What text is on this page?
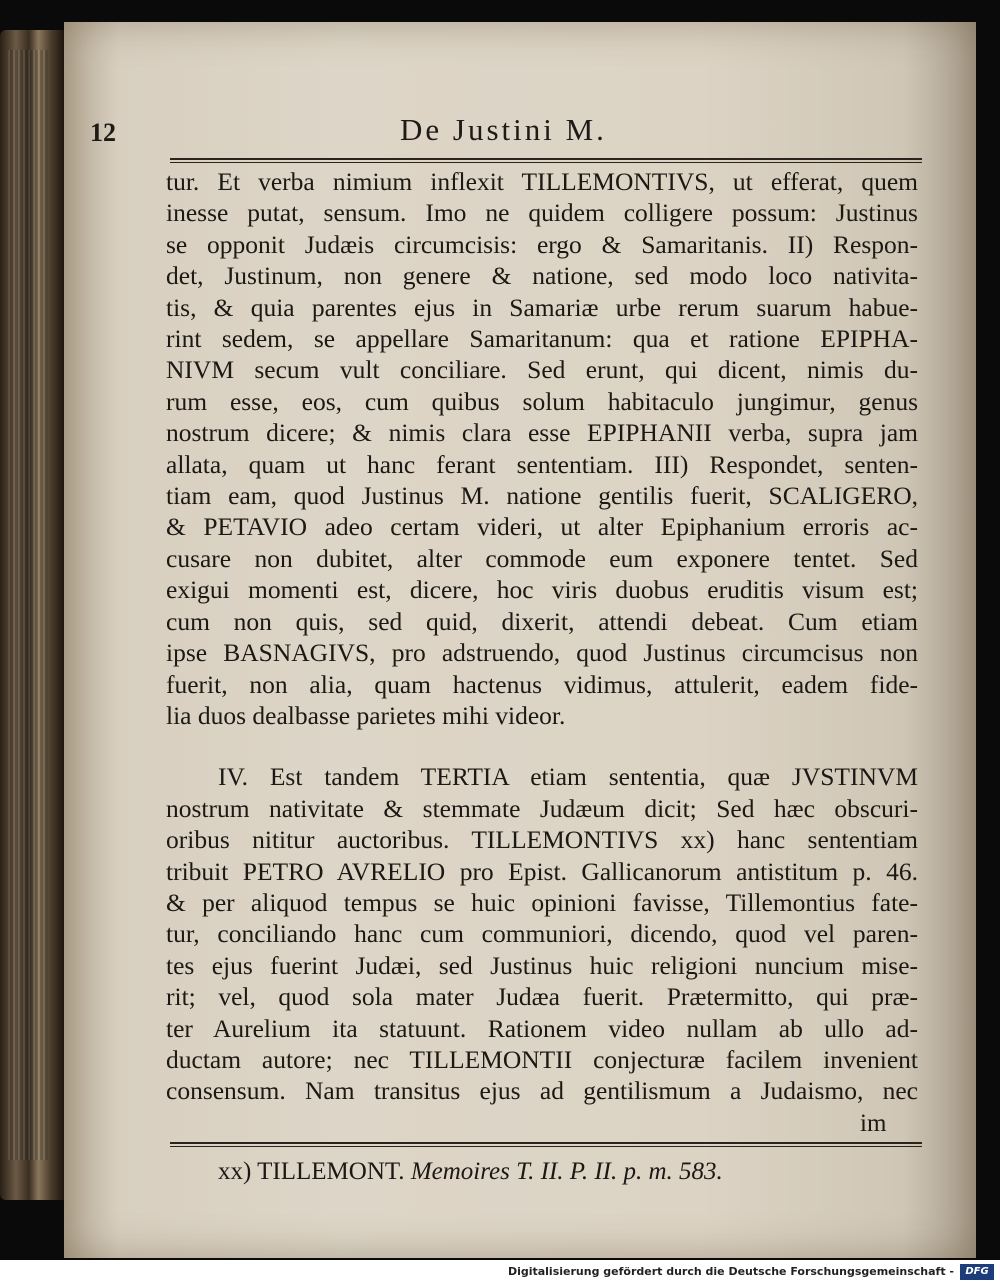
12	De Justini M.
tur. Et verba nimium inflexit TILLEMONTIVS, ut efferat, quem
inesse putat, sensum. Imo ne quidem colligere possum: Justinus
se opponit Judæis circumcisis: ergo & Samaritanis. II) Respon-
det, Justinum, non genere & natione, sed modo loco nativita-
tis, & quia parentes ejus in Samariæ urbe rerum suarum habue-
rint sedem, se appellare Samaritanum: qua et ratione EPIPHA-
NIVM secum vult conciliare. Sed erunt, qui dicent, nimis du-
rum esse, eos, cum quibus solum habitaculo jungimur, genus
nostrum dicere; & nimis clara esse EPIPHANII verba, supra jam
allata, quam ut hanc ferant sententiam. III) Respondet, senten-
tiam eam, quod Justinus M. natione gentilis fuerit, SCALIGERO,
& PETAVIO adeo certam videri, ut alter Epiphanium erroris ac-
cusare non dubitet, alter commode eum exponere tentet. Sed
exigui momenti est, dicere, hoc viris duobus eruditis visum est;
cum non quis, sed quid, dixerit, attendi debeat. Cum etiam
ipse BASNAGIVS, pro adstruendo, quod Justinus circumcisus non
fuerit, non alia, quam hactenus vidimus, attulerit, eadem fide-
lia duos dealbasse parietes mihi videor.
IV. Est tandem TERTIA etiam sententia, quæ JVSTINVM
nostrum nativitate & stemmate Judæum dicit; Sed hæc obscuri-
oribus nititur auctoribus. TILLEMONTIVS xx) hanc sententiam
tribuit PETRO AVRELIO pro Epist. Gallicanorum antistitum p. 46.
& per aliquod tempus se huic opinioni favisse, Tillemontius fate-
tur, conciliando hanc cum communiori, dicendo, quod vel paren-
tes ejus fuerint Judæi, sed Justinus huic religioni nuncium mise-
rit; vel, quod sola mater Judæa fuerit. Prætermitto, qui præ-
ter Aurelium ita statuunt. Rationem video nullam ab ullo ad-
ductam autore; nec TILLEMONTII conjecturæ facilem invenient
consensum. Nam transitus ejus ad gentilismum a Judaismo, nec
im
xx) TILLEMONT. Memoires T. II. P. II. p. m. 583.
Digitalisierung gefördert durch die Deutsche Forschungsgemeinschaft -	DFG
